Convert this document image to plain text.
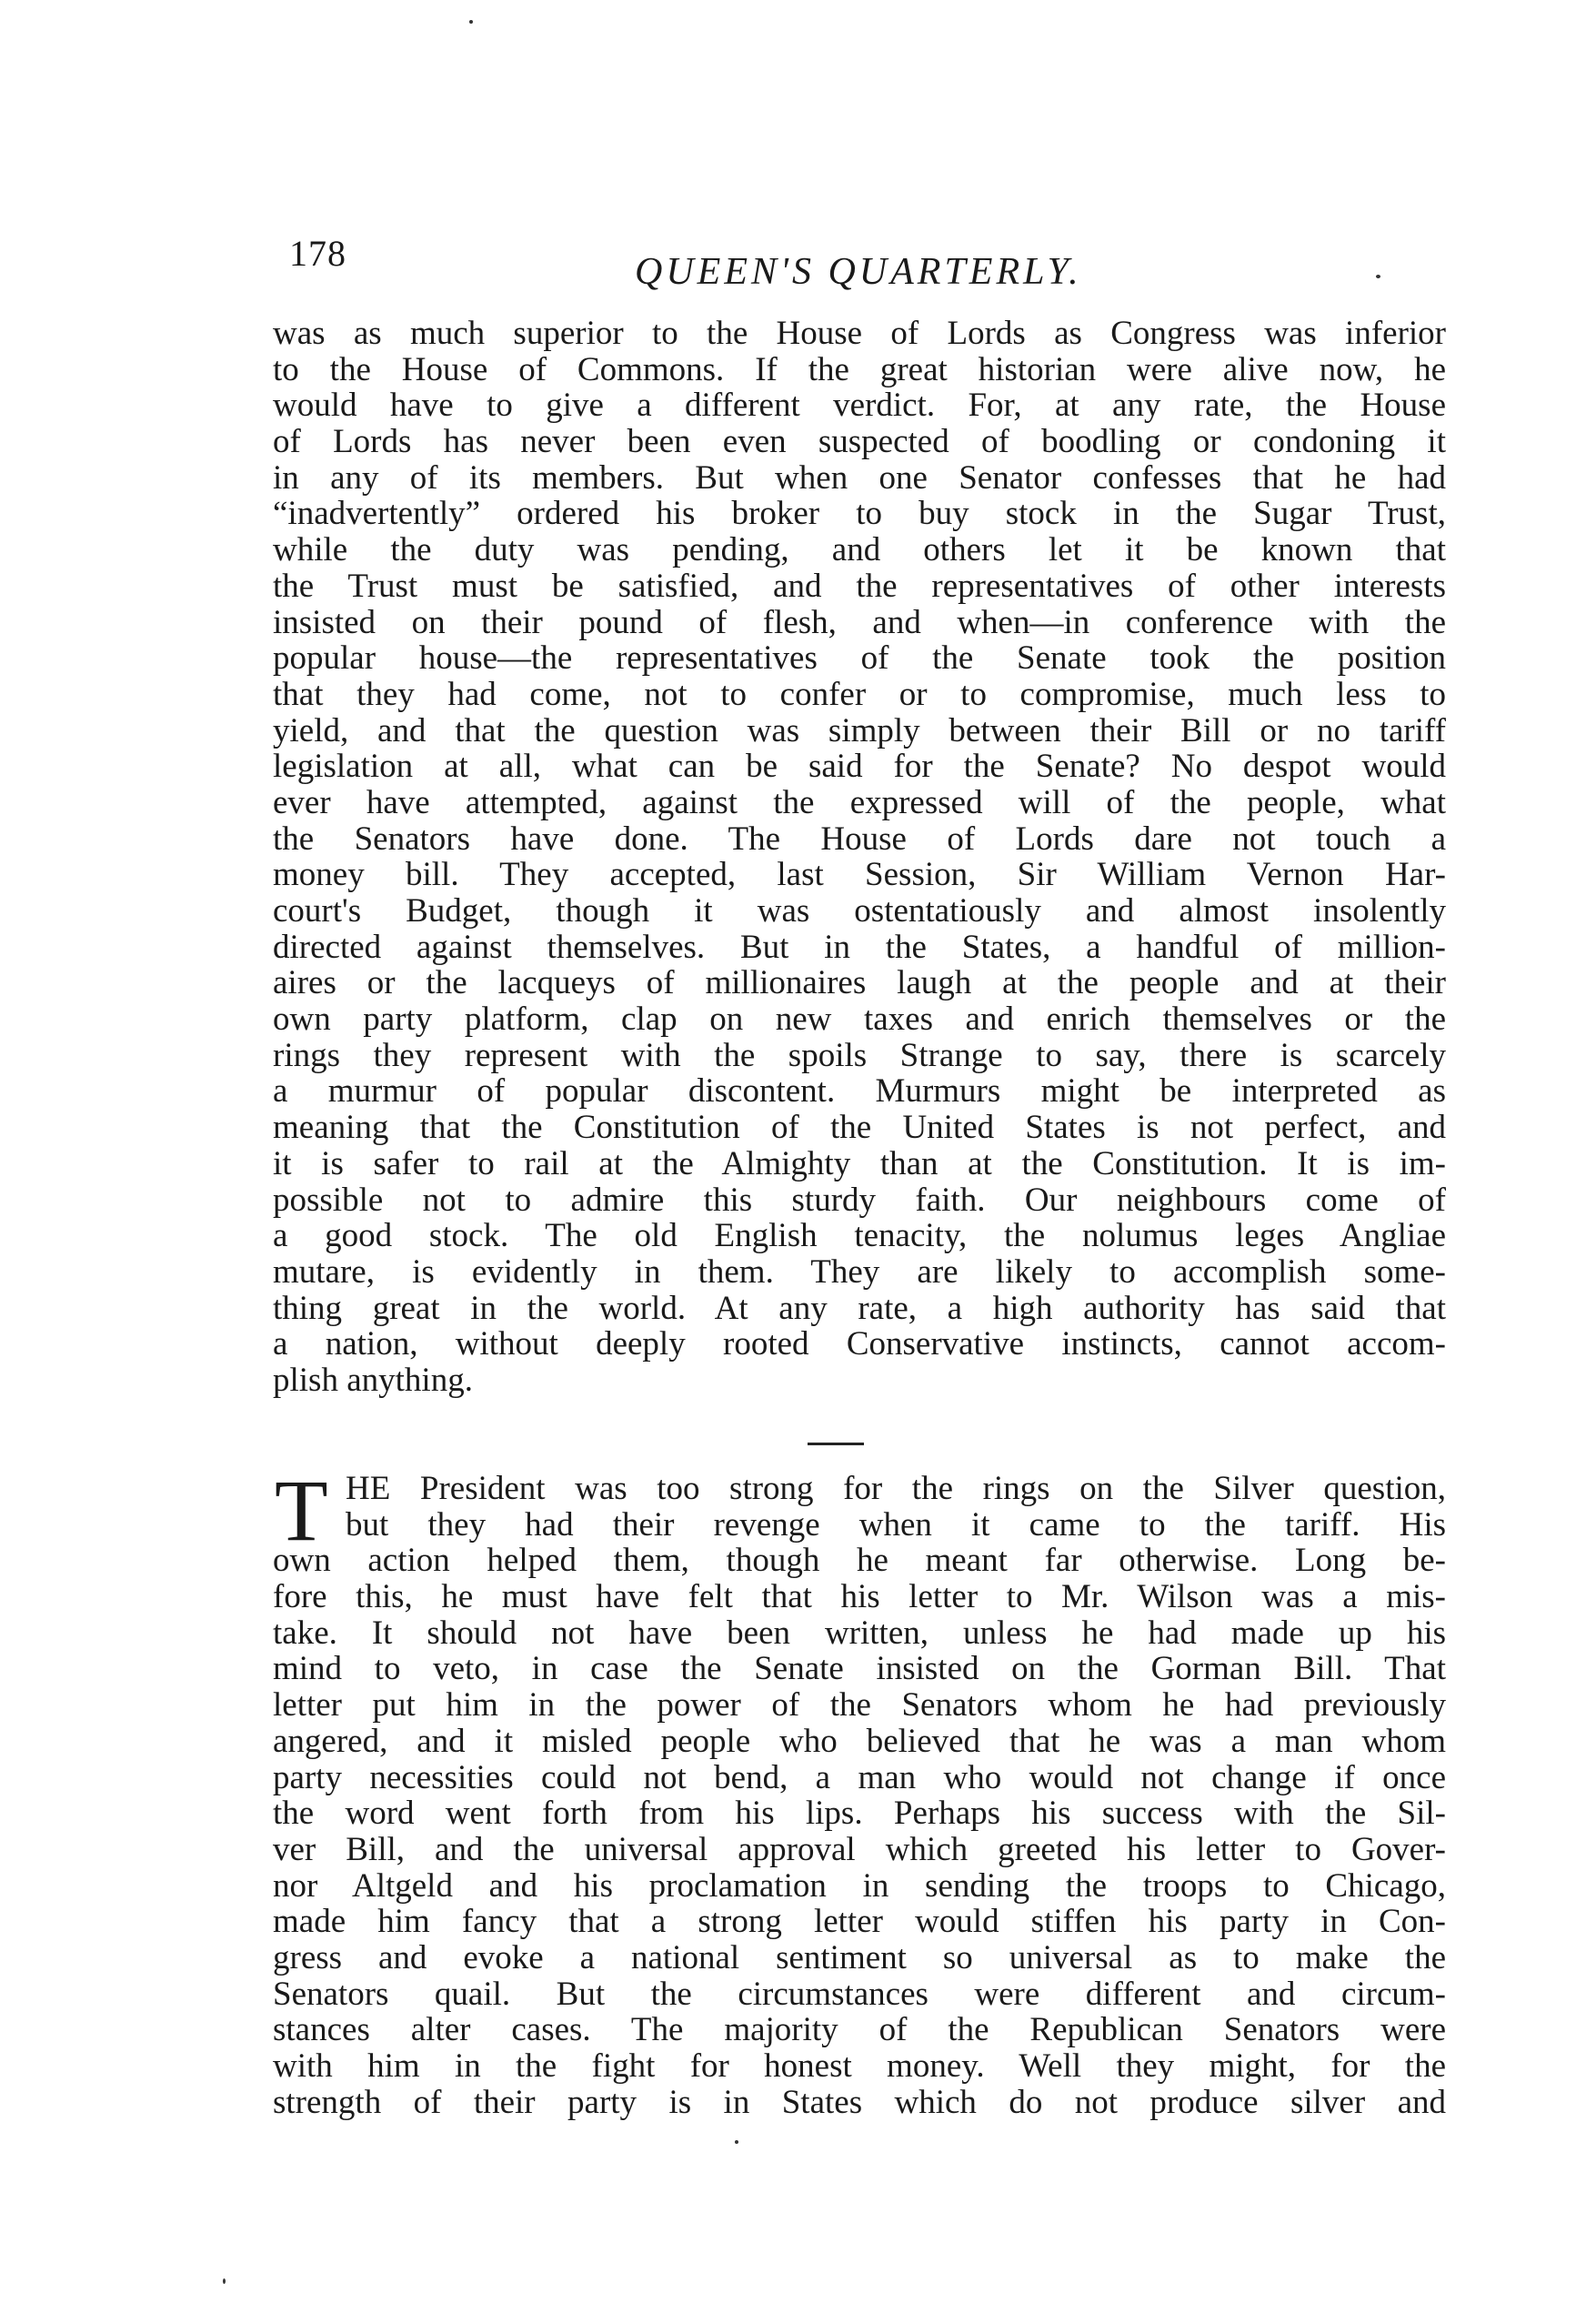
178	QUEEN'S QUARTERLY.
was as much superior to the House of Lords as Congress was inferior
to the House of Commons. If the great historian were alive now, he
would have to give a different verdict. For, at any rate, the House
of Lords has never been even suspected of boodling or condoning it
in any of its members. But when one Senator confesses that he had
“inadvertently” ordered his broker to buy stock in the Sugar Trust,
while the duty was pending, and others let it be known that
the Trust must be satisfied, and the representatives of other interests
insisted on their pound of flesh, and when—in conference with the
popular house—the representatives of the Senate took the position
that they had come, not to confer or to compromise, much less to
yield, and that the question was simply between their Bill or no tariff
legislation at all, what can be said for the Senate? No despot would
ever have attempted, against the expressed will of the people, what
the Senators have done. The House of Lords dare not touch a
money bill. They accepted, last Session, Sir William Vernon Har-
court's Budget, though it was ostentatiously and almost insolently
directed against themselves. But in the States, a handful of million-
aires or the lacqueys of millionaires laugh at the people and at their
own party platform, clap on new taxes and enrich themselves or the
rings they represent with the spoils Strange to say, there is scarcely
a murmur of popular discontent. Murmurs might be interpreted as
meaning that the Constitution of the United States is not perfect, and
it is safer to rail at the Almighty than at the Constitution. It is im-
possible not to admire this sturdy faith. Our neighbours come of
a good stock. The old English tenacity, the nolumus leges Angliae
mutare, is evidently in them. They are likely to accomplish some-
thing great in the world. At any rate, a high authority has said that
a nation, without deeply rooted Conservative instincts, cannot accom-
plish anything.
T HE President was too strong for the rings on the Silver question,
but they had their revenge when it came to the tariff. His
own action helped them, though he meant far otherwise. Long be-
fore this, he must have felt that his letter to Mr. Wilson was a mis-
take. It should not have been written, unless he had made up his
mind to veto, in case the Senate insisted on the Gorman Bill. That
letter put him in the power of the Senators whom he had previously
angered, and it misled people who believed that he was a man whom
party necessities could not bend, a man who would not change if once
the word went forth from his lips. Perhaps his success with the Sil-
ver Bill, and the universal approval which greeted his letter to Gover-
nor Altgeld and his proclamation in sending the troops to Chicago,
made him fancy that a strong letter would stiffen his party in Con-
gress and evoke a national sentiment so universal as to make the
Senators quail. But the circumstances were different and circum-
stances alter cases. The majority of the Republican Senators were
with him in the fight for honest money. Well they might, for the
strength of their party is in States which do not produce silver and
